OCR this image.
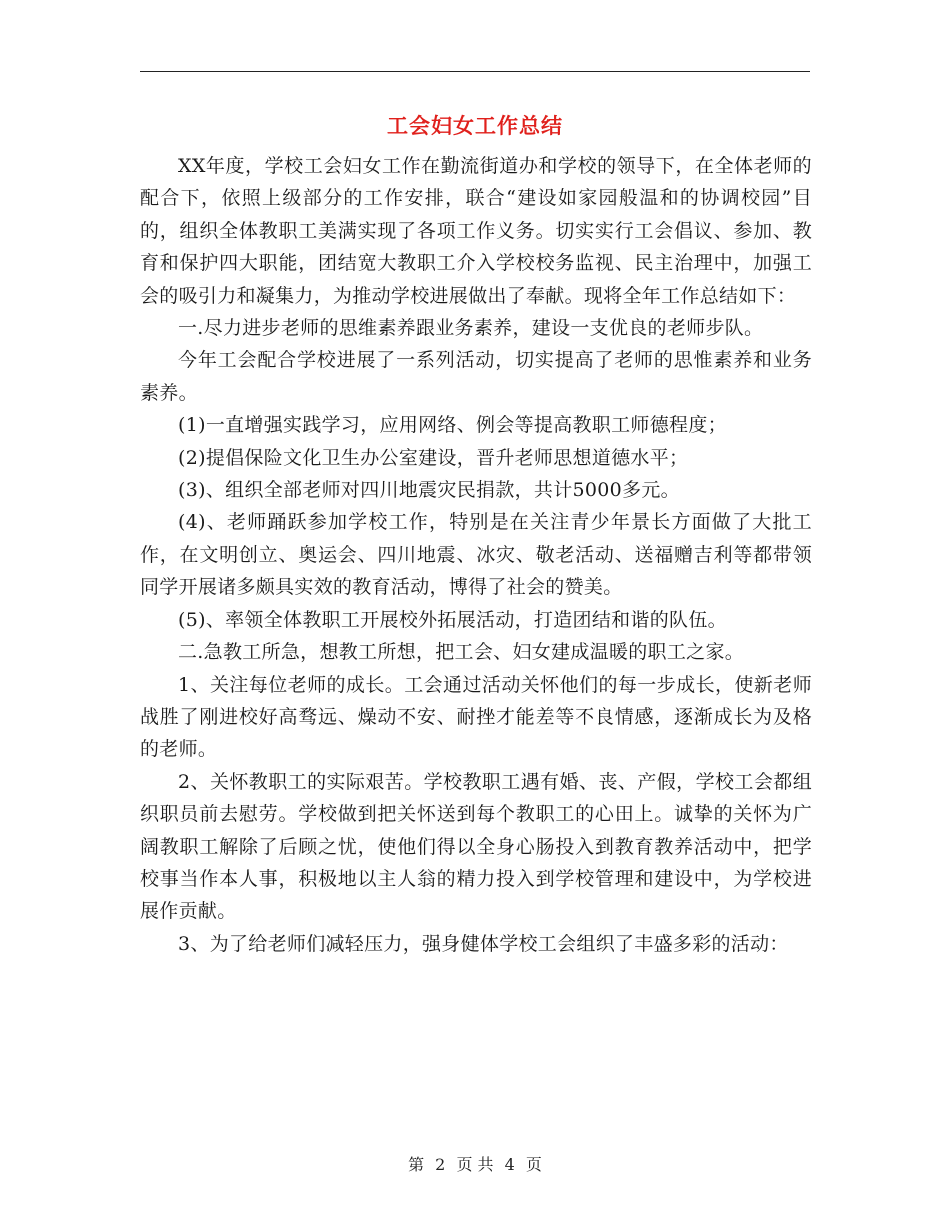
工会妇女工作总结

XX年度，学校工会妇女工作在勤流街道办和学校的领导下，在全体老师的配合下，依照上级部分的工作安排，联合“建设如家园般温和的协调校园”目的，组织全体教职工美满实现了各项工作义务。切实实行工会倡议、参加、教育和保护四大职能，团结宽大教职工介入学校校务监视、民主治理中，加强工会的吸引力和凝集力，为推动学校进展做出了奉献。现将全年工作总结如下：

一.尽力进步老师的思维素养跟业务素养，建设一支优良的老师步队。

今年工会配合学校进展了一系列活动，切实提高了老师的思惟素养和业务素养。

(1)一直增强实践学习，应用网络、例会等提高教职工师德程度；

(2)提倡保险文化卫生办公室建设，晋升老师思想道德水平；

(3)、组织全部老师对四川地震灾民捐款，共计5000多元。

(4)、老师踊跃参加学校工作，特别是在关注青少年景长方面做了大批工作，在文明创立、奥运会、四川地震、冰灾、敬老活动、送福赠吉利等都带领同学开展诸多颇具实效的教育活动，博得了社会的赞美。

(5)、率领全体教职工开展校外拓展活动，打造团结和谐的队伍。

二.急教工所急，想教工所想，把工会、妇女建成温暖的职工之家。

1、关注每位老师的成长。工会通过活动关怀他们的每一步成长，使新老师战胜了刚进校好高骛远、燥动不安、耐挫才能差等不良情感，逐渐成长为及格的老师。

2、关怀教职工的实际艰苦。学校教职工遇有婚、丧、产假，学校工会都组织职员前去慰劳。学校做到把关怀送到每个教职工的心田上。诚挚的关怀为广阔教职工解除了后顾之忧，使他们得以全身心肠投入到教育教养活动中，把学校事当作本人事，积极地以主人翁的精力投入到学校管理和建设中，为学校进展作贡献。

3、为了给老师们减轻压力，强身健体学校工会组织了丰盛多彩的活动：

第 2 页 共 4 页
